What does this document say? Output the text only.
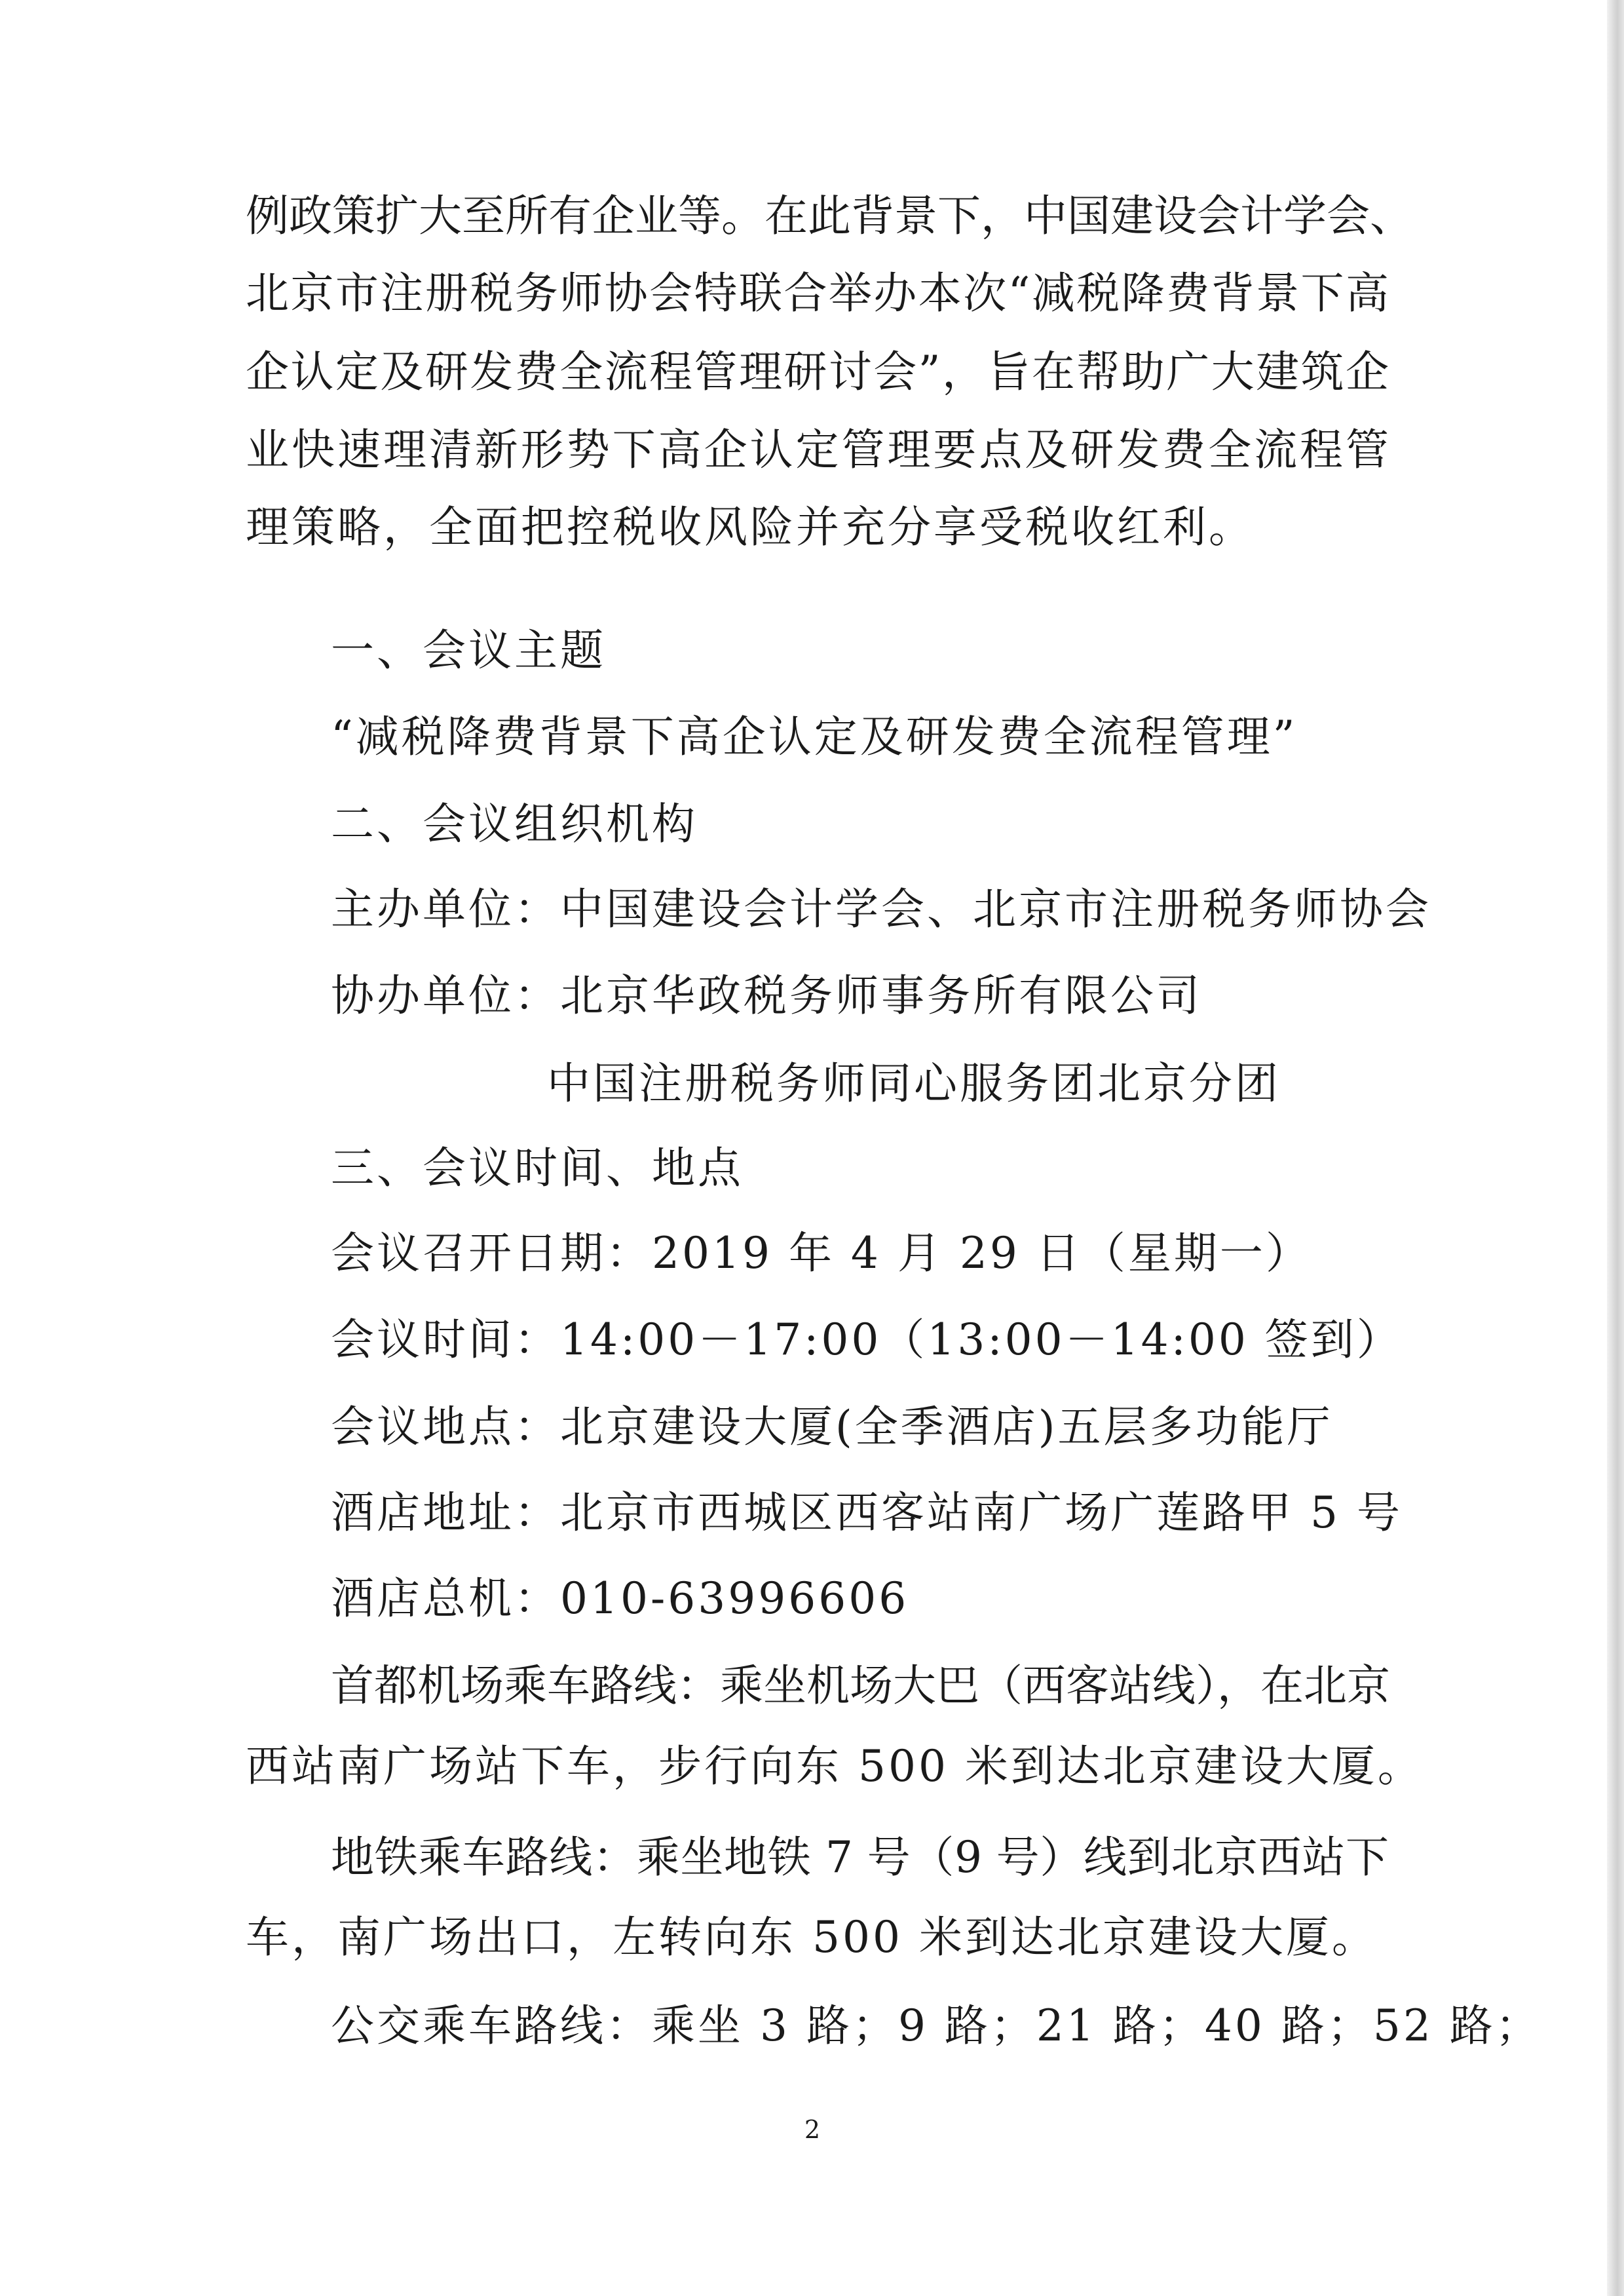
例政策扩大至所有企业等。在此背景下，中国建设会计学会、
北京市注册税务师协会特联合举办本次“减税降费背景下高
企认定及研发费全流程管理研讨会”，旨在帮助广大建筑企
业快速理清新形势下高企认定管理要点及研发费全流程管
理策略，全面把控税收风险并充分享受税收红利。
一、会议主题
“减税降费背景下高企认定及研发费全流程管理”
二、会议组织机构
主办单位：中国建设会计学会、北京市注册税务师协会
协办单位：北京华政税务师事务所有限公司
中国注册税务师同心服务团北京分团
三、会议时间、地点
会议召开日期：2019 年 4 月 29 日（星期一）
会议时间：14:00－17:00（13:00－14:00 签到）
会议地点：北京建设大厦(全季酒店)五层多功能厅
酒店地址：北京市西城区西客站南广场广莲路甲 5 号
酒店总机：010-63996606
首都机场乘车路线：乘坐机场大巴（西客站线），在北京
西站南广场站下车，步行向东 500 米到达北京建设大厦。
地铁乘车路线：乘坐地铁 7 号（9 号）线到北京西站下
车，南广场出口，左转向东 500 米到达北京建设大厦。
公交乘车路线：乘坐 3 路；9 路；21 路；40 路；52 路；
2
